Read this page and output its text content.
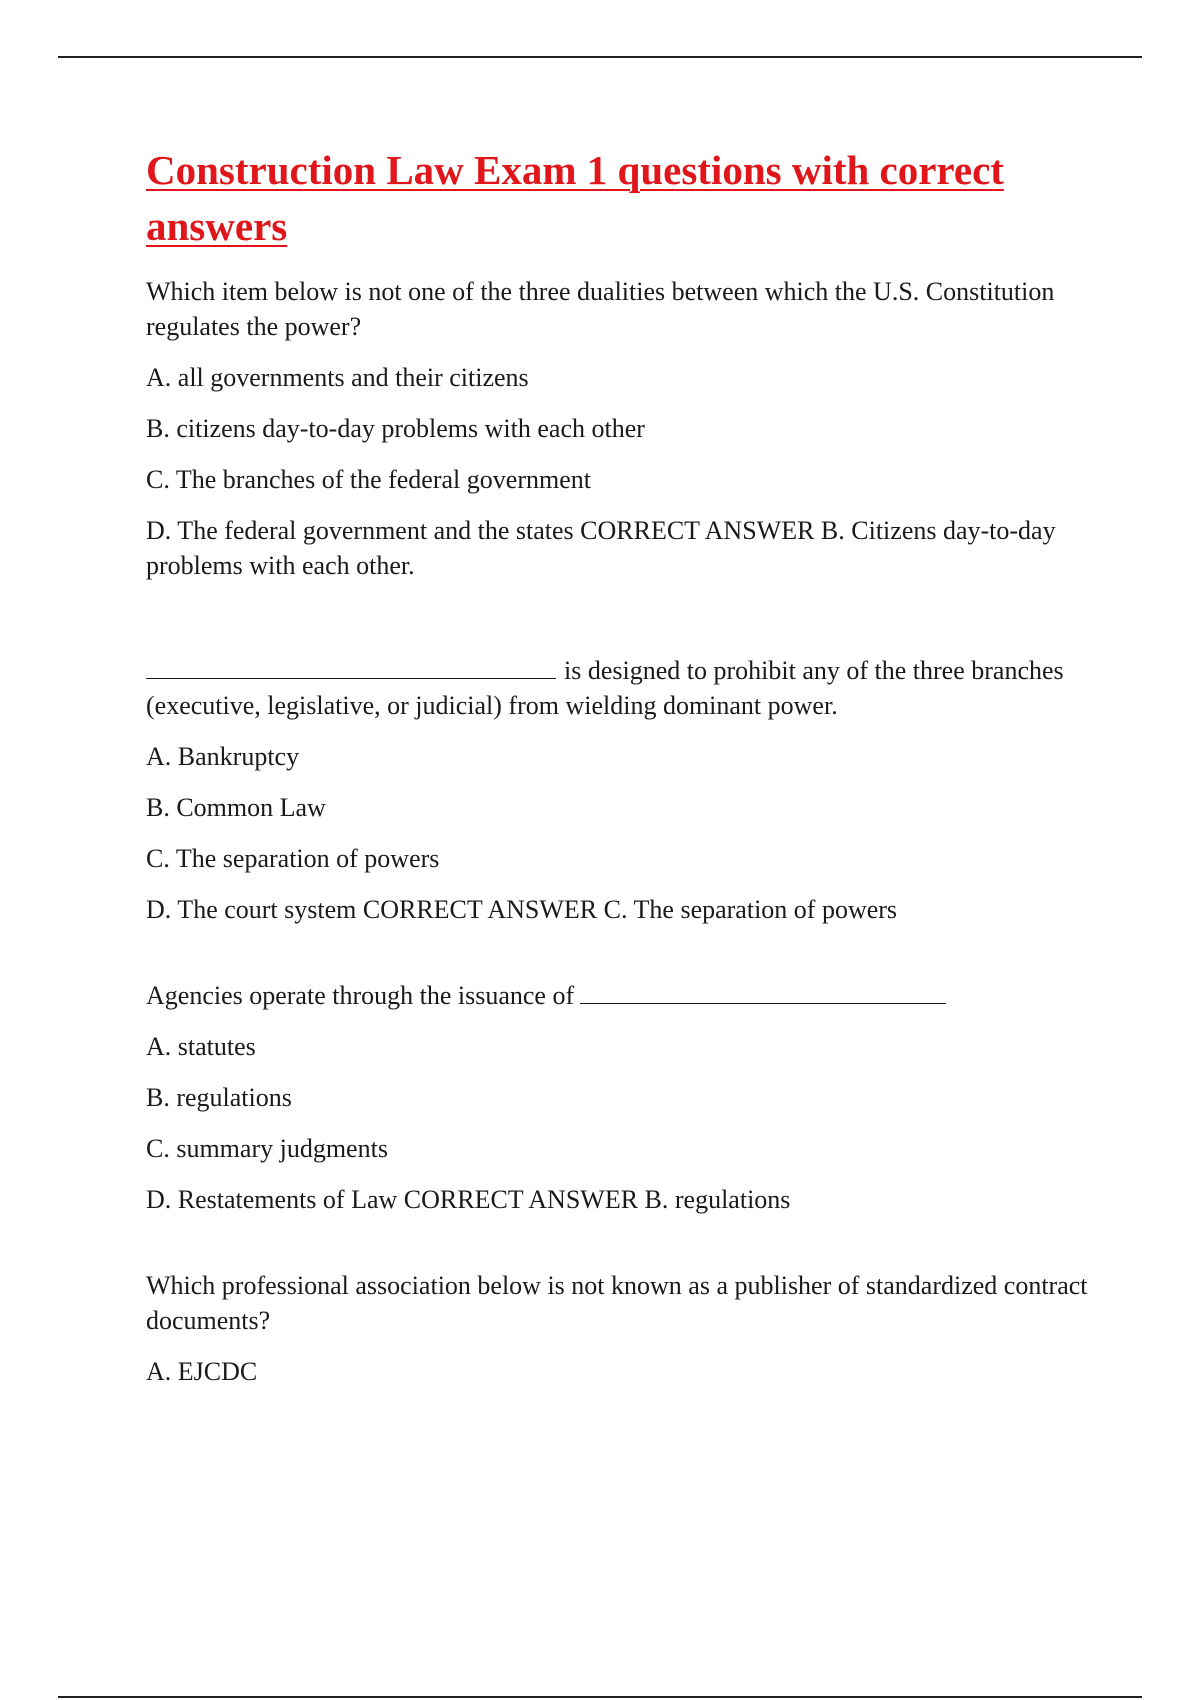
Construction Law Exam 1 questions with correct answers

Which item below is not one of the three dualities between which the U.S. Constitution regulates the power?

A. all governments and their citizens

B. citizens day-to-day problems with each other

C. The branches of the federal government

D. The federal government and the states CORRECT ANSWER B. Citizens day-to-day problems with each other.

is designed to prohibit any of the three branches (executive, legislative, or judicial) from wielding dominant power.

A. Bankruptcy

B. Common Law

C. The separation of powers

D. The court system CORRECT ANSWER C. The separation of powers

Agencies operate through the issuance of

A. statutes

B. regulations

C. summary judgments

D. Restatements of Law CORRECT ANSWER B. regulations

Which professional association below is not known as a publisher of standardized contract documents?

A. EJCDC
